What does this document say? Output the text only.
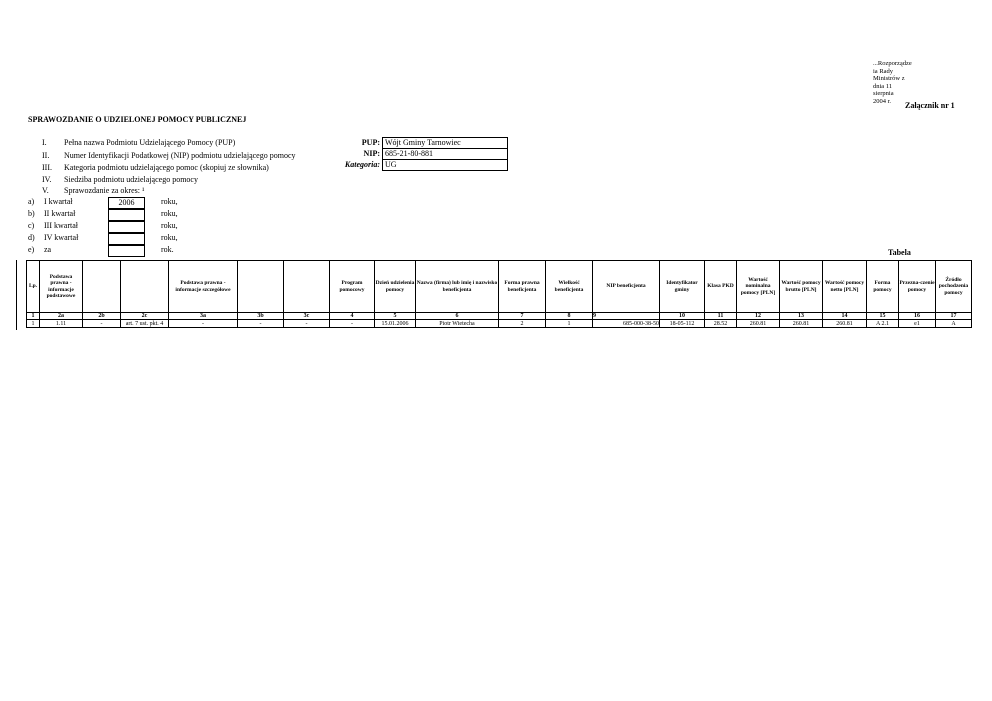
...Rozporządze
ia Rady
Ministrów z
dnia 11
sierpnia
2004 r.	Załącznik nr 1
SPRAWOZDANIE O UDZIELONEJ POMOCY PUBLICZNEJ
I. Pełna nazwa Podmiotu Udzielającego Pomocy (PUP)
II. Numer Identyfikacji Podatkowej (NIP) podmiotu udzielającego pomocy
III. Kategoria podmiotu udzielającego pomoc (skopiuj ze słownika)
IV. Siedziba podmiotu udzielającego pomocy
V. Sprawozdanie za okres: ¹
PUP:	Wójt Gminy Tarnowiec
NIP:	685-21-80-881
Kategoria:	UG
a)	I kwartał	2006	roku,
b)	II kwartał	roku,
c)	III kwartał	roku,
d)	IV kwartał	roku,
e)	za	rok.	Tabela
Lp.	Podstawa prawna - informacje podstawowe			Podstawa prawna - informacje szczegółowe			Program pomocowy	Dzień udzielenia pomocy	Nazwa (firma) lub imię i nazwisko beneficjenta	Forma prawna beneficjenta	Wielkość beneficjenta	NIP beneficjenta	Identyfikator gminy	Klasa PKD	Wartość nominalna pomocy [PLN]	Wartość pomocy brutto [PLN]	Wartość pomocy netto [PLN]	Forma pomocy	Przezna-czenie pomocy	Źródło pochodzenia pomocy
1	2a	2b	2c	3a	3b	3c	4	5	6	7	8	9	10	11	12	13	14	15	16	17
1	1.11	-	art. 7 ust. pkt. 4	-	-	-	-	15.01.2006	Piotr Wietecha	2	1	685-000-38-50	18-05-112	28.52	260.81	260.81	260.81	A 2.1	e1	A
